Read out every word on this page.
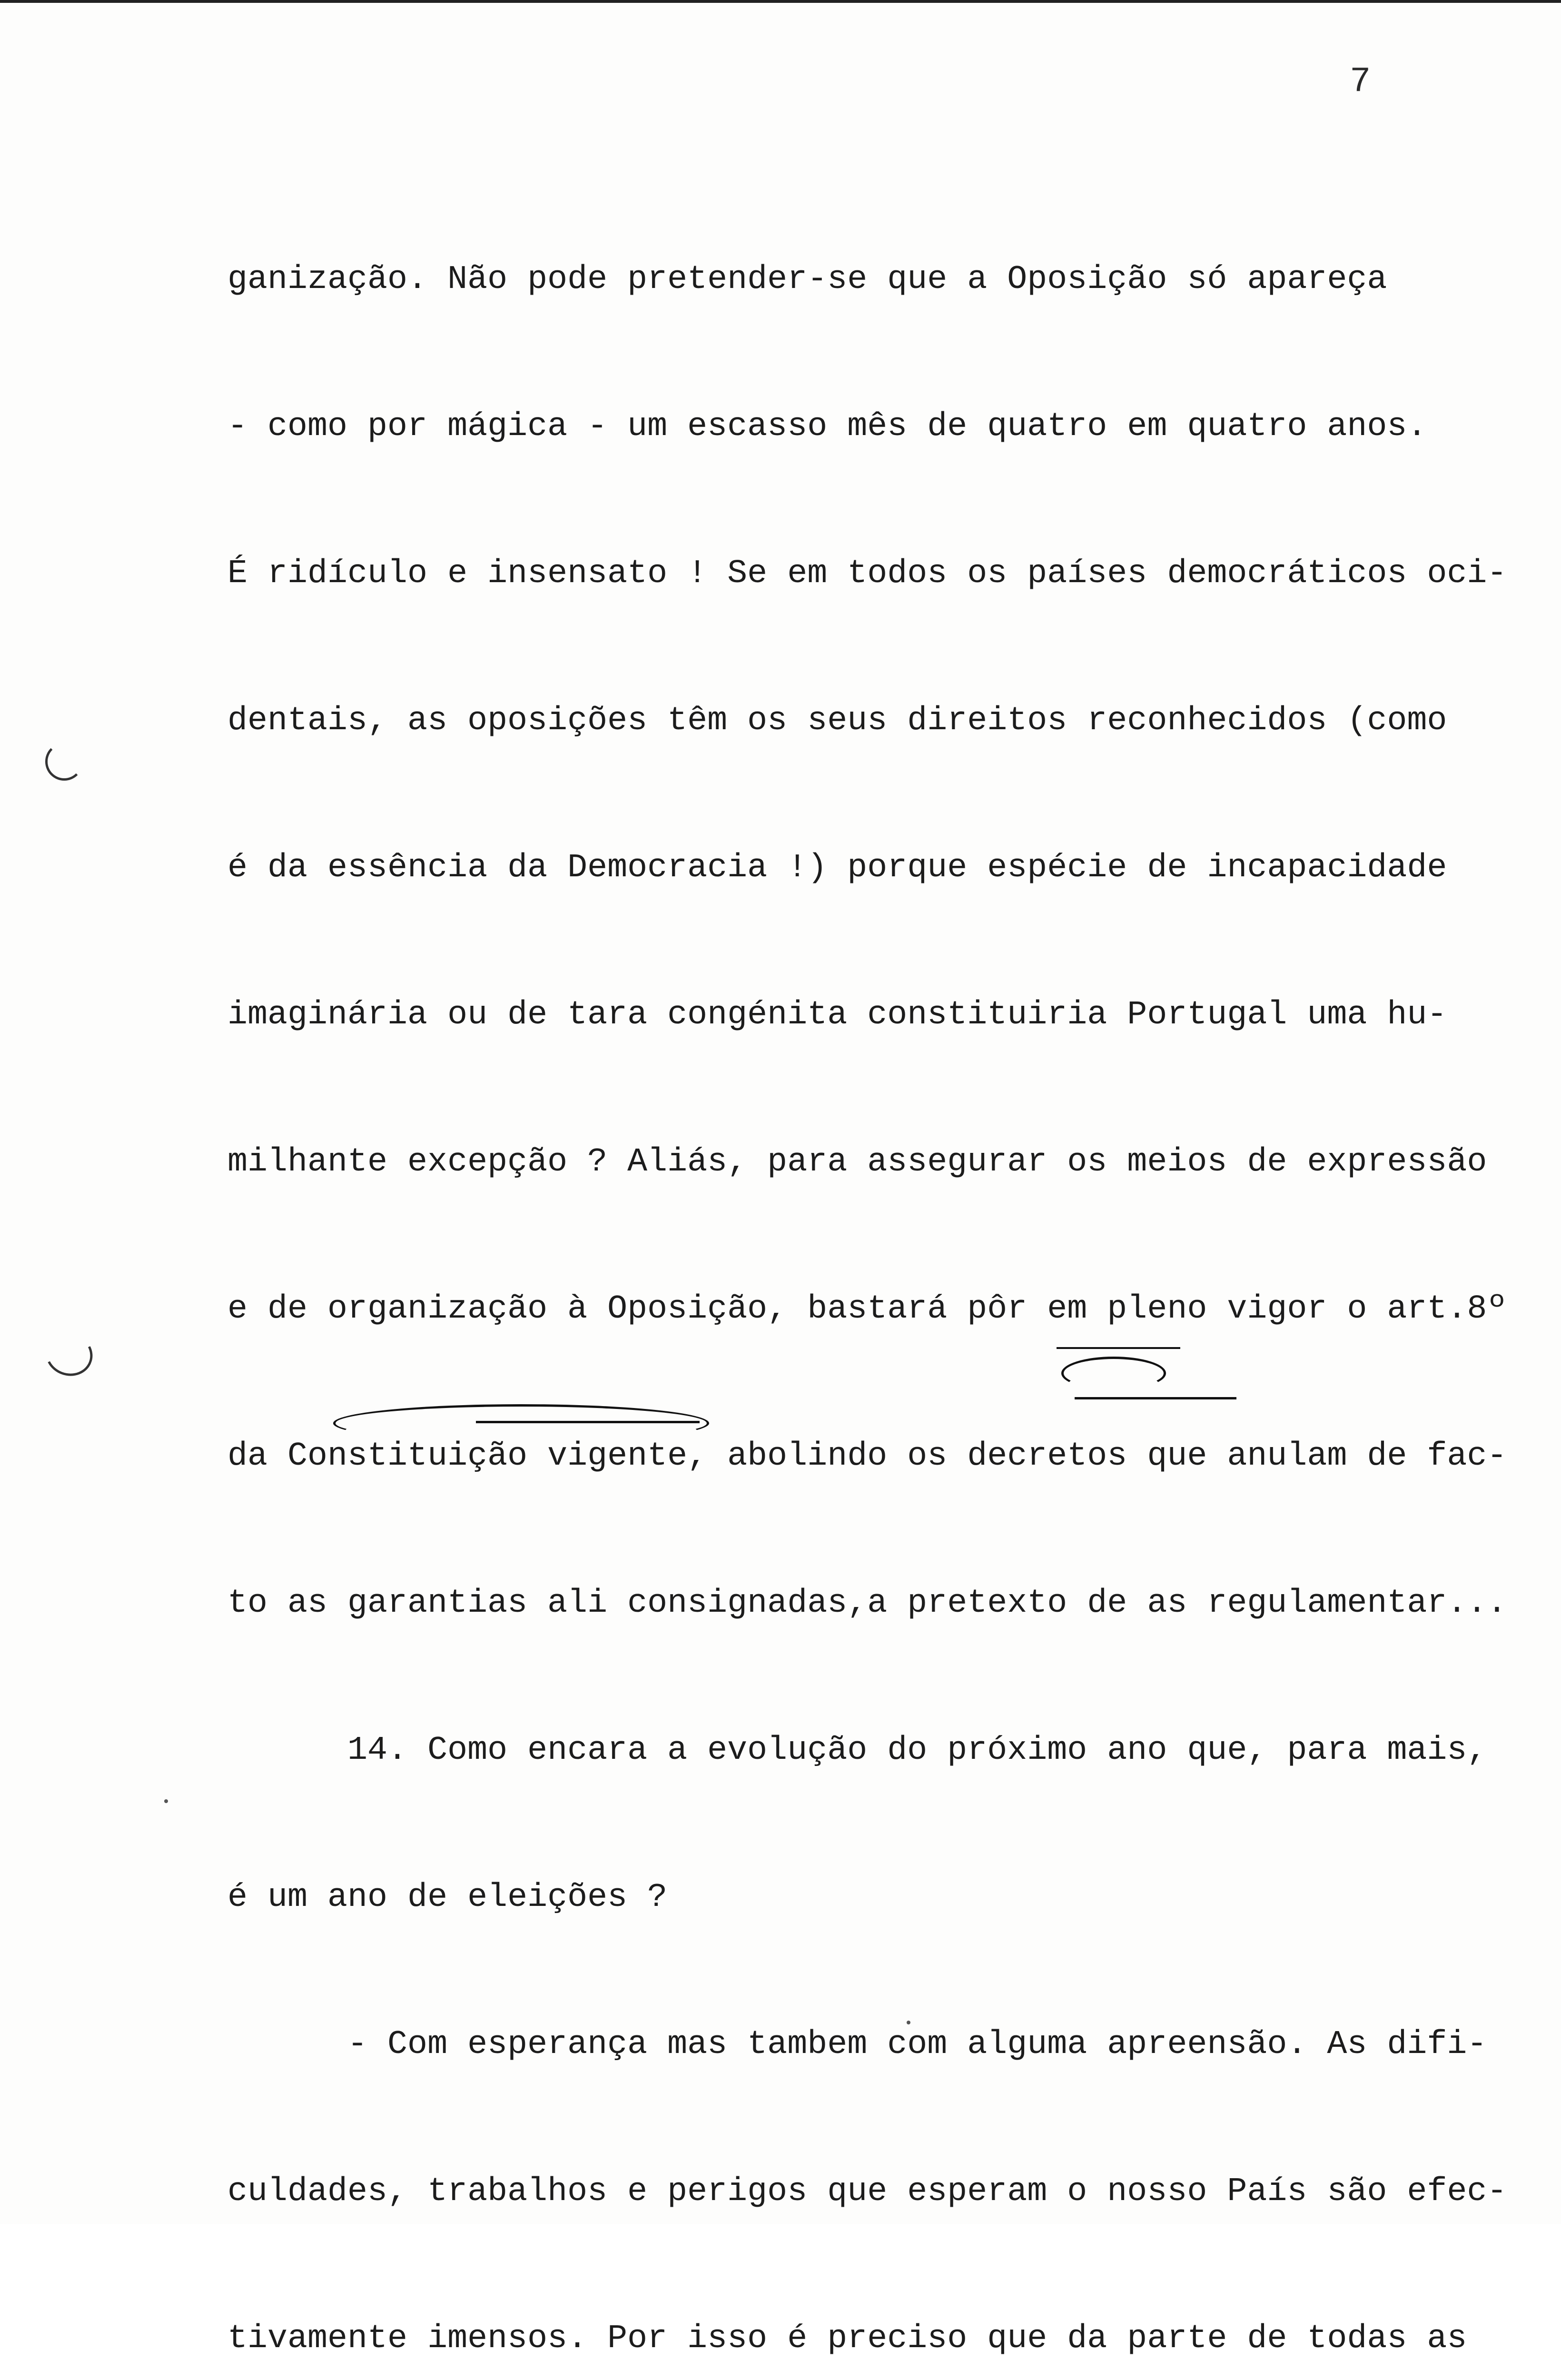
7

ganização. Não pode pretender-se que a Oposição só apareça

- como por mágica - um escasso mês de quatro em quatro anos.

É ridículo e insensato ! Se em todos os países democráticos oci-

dentais, as oposições têm os seus direitos reconhecidos (como

é da essência da Democracia !) porque espécie de incapacidade

imaginária ou de tara congénita constituiria Portugal uma hu-

milhante excepção ? Aliás, para assegurar os meios de expressão

e de organização à Oposição, bastará pôr em pleno vigor o art.8º

da Constituição vigente, abolindo os decretos que anulam de fac-

to as garantias ali consignadas,a pretexto de as regulamentar...

14. Como encara a evolução do próximo ano que, para mais,

é um ano de eleições ?

- Com esperança mas tambem com alguma apreensão. As difi-

culdades, trabalhos e perigos que esperam o nosso País são efec-

tivamente imensos. Por isso é preciso que da parte de todas as
